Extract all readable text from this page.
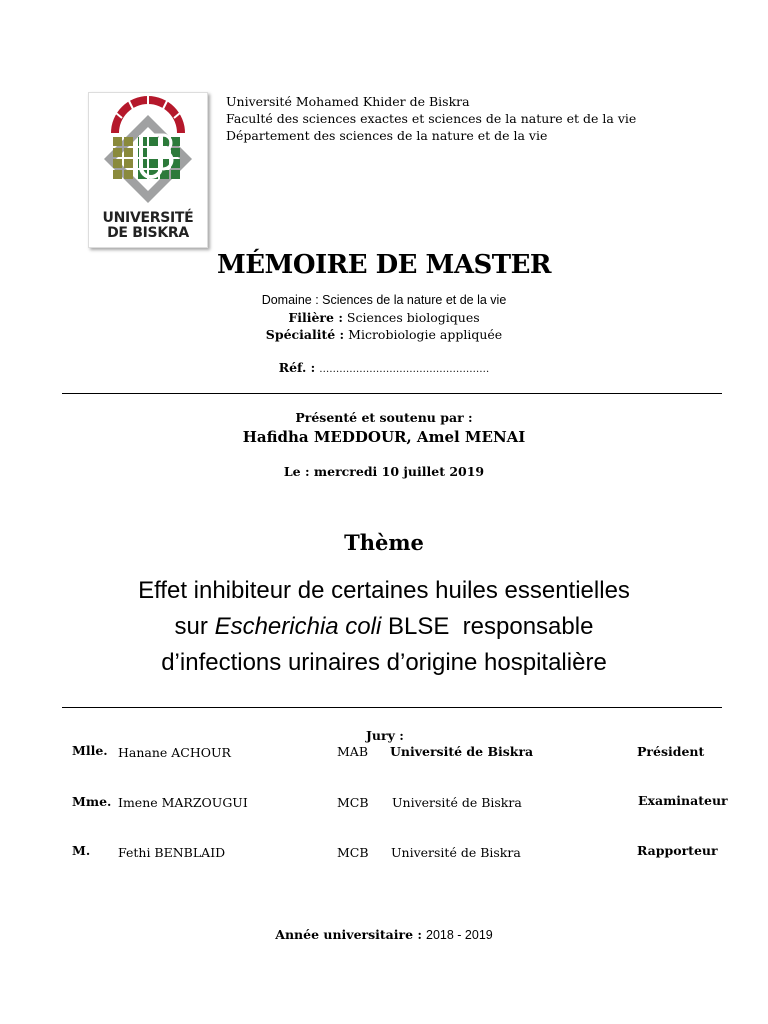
UNIVERSITÉ
DE BISKRA
Université Mohamed Khider de Biskra
Faculté des sciences exactes et sciences de la nature et de la vie
Département des sciences de la nature et de la vie
MÉMOIRE DE MASTER
Domaine : Sciences de la nature et de la vie
Filière : Sciences biologiques
Spécialité : Microbiologie appliquée
Réf. : ……………………………………………
Présenté et soutenu par :
Hafidha MEDDOUR, Amel MENAI
Le : mercredi 10 juillet 2019
Thème
Effet inhibiteur de certaines huiles essentielles
sur Escherichia coli BLSE  responsable
d’infections urinaires d’origine hospitalière
Jury :
Mlle. Hanane ACHOUR	MAB Université de Biskra	Président
Mme. Imene MARZOUGUI	MCB Université de Biskra	Examinateur
M. Fethi BENBLAID	MCB Université de Biskra	Rapporteur
Année universitaire : 2018 - 2019
